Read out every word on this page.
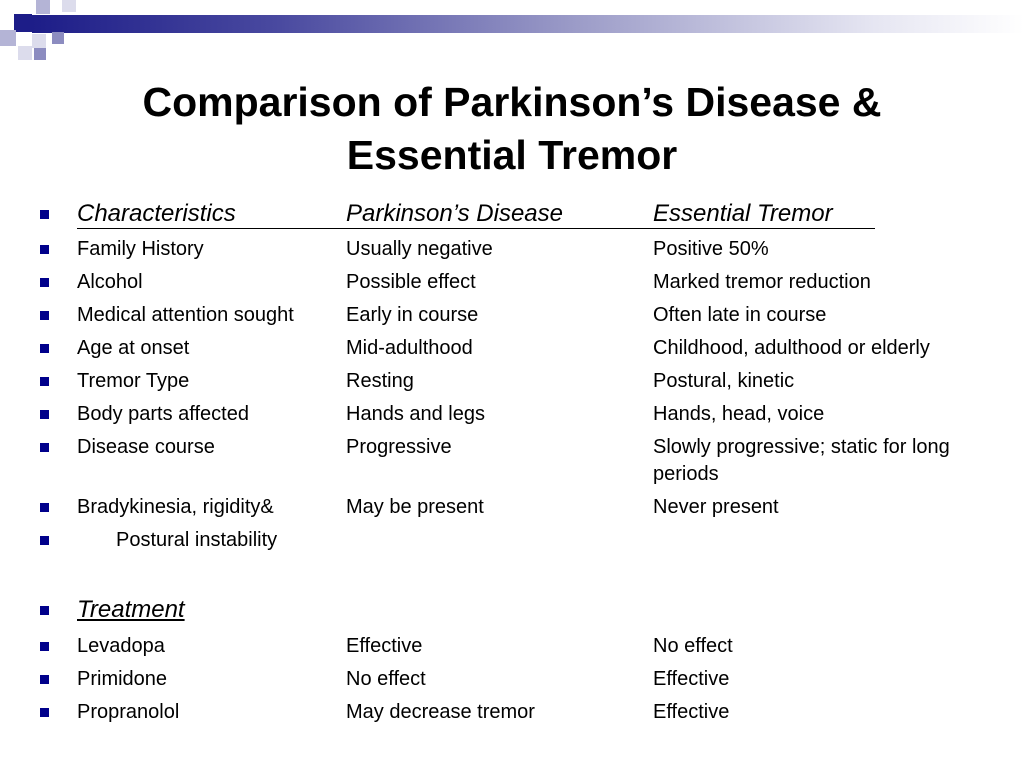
Comparison of Parkinson’s Disease &
Essential Tremor
Characteristics	Parkinson’s Disease	Essential Tremor
Family History	Usually negative	Positive 50%
Alcohol	Possible effect	Marked tremor reduction
Medical attention sought	Early in course	Often late in course
Age at onset	Mid-adulthood	Childhood, adulthood or elderly
Tremor Type	Resting	Postural, kinetic
Body parts affected	Hands and legs	Hands, head, voice
Disease course	Progressive	Slowly progressive; static for long periods
Bradykinesia, rigidity&	May be present	Never present
Postural instability
Treatment
Levadopa	Effective	No effect
Primidone	No effect	Effective
Propranolol	May decrease tremor	Effective
